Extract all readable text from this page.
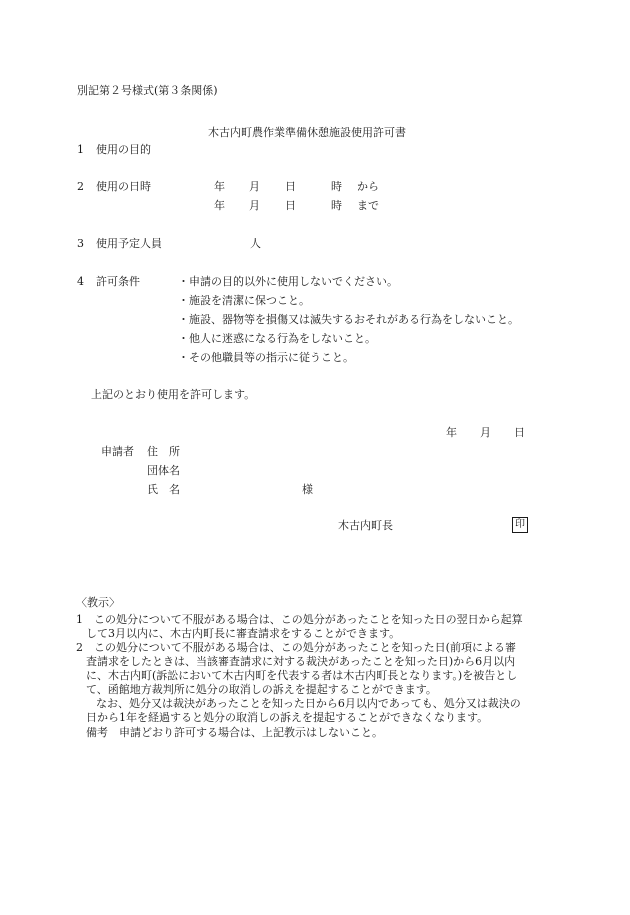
別記第２号様式(第３条関係)
木古内町農作業準備休憩施設使用許可書
1 使用の目的
2 使用の日時	年 月 日	時 から
年 月 日	時 まで
3 使用予定人員	人
4 許可条件	・申請の目的以外に使用しないでください。
・施設を清潔に保つこと。
・施設、器物等を損傷又は滅失するおそれがある行為をしないこと。
・他人に迷惑になる行為をしないこと。
・その他職員等の指示に従うこと。
上記のとおり使用を許可します。
年 月 日
申請者 住　所
団体名
氏　名	様
木古内町長	印
〈教示〉
1　この処分について不服がある場合は、この処分があったことを知った日の翌日から起算
して3月以内に、木古内町長に審査請求をすることができます。
2　この処分について不服がある場合は、この処分があったことを知った日(前項による審
査請求をしたときは、当該審査請求に対する裁決があったことを知った日)から6月以内
に、木古内町(訴訟において木古内町を代表する者は木古内町長となります。)を被告とし
て、函館地方裁判所に処分の取消しの訴えを提起することができます。
なお、処分又は裁決があったことを知った日から6月以内であっても、処分又は裁決の
日から1年を経過すると処分の取消しの訴えを提起することができなくなります。
備考　申請どおり許可する場合は、上記教示はしないこと。
